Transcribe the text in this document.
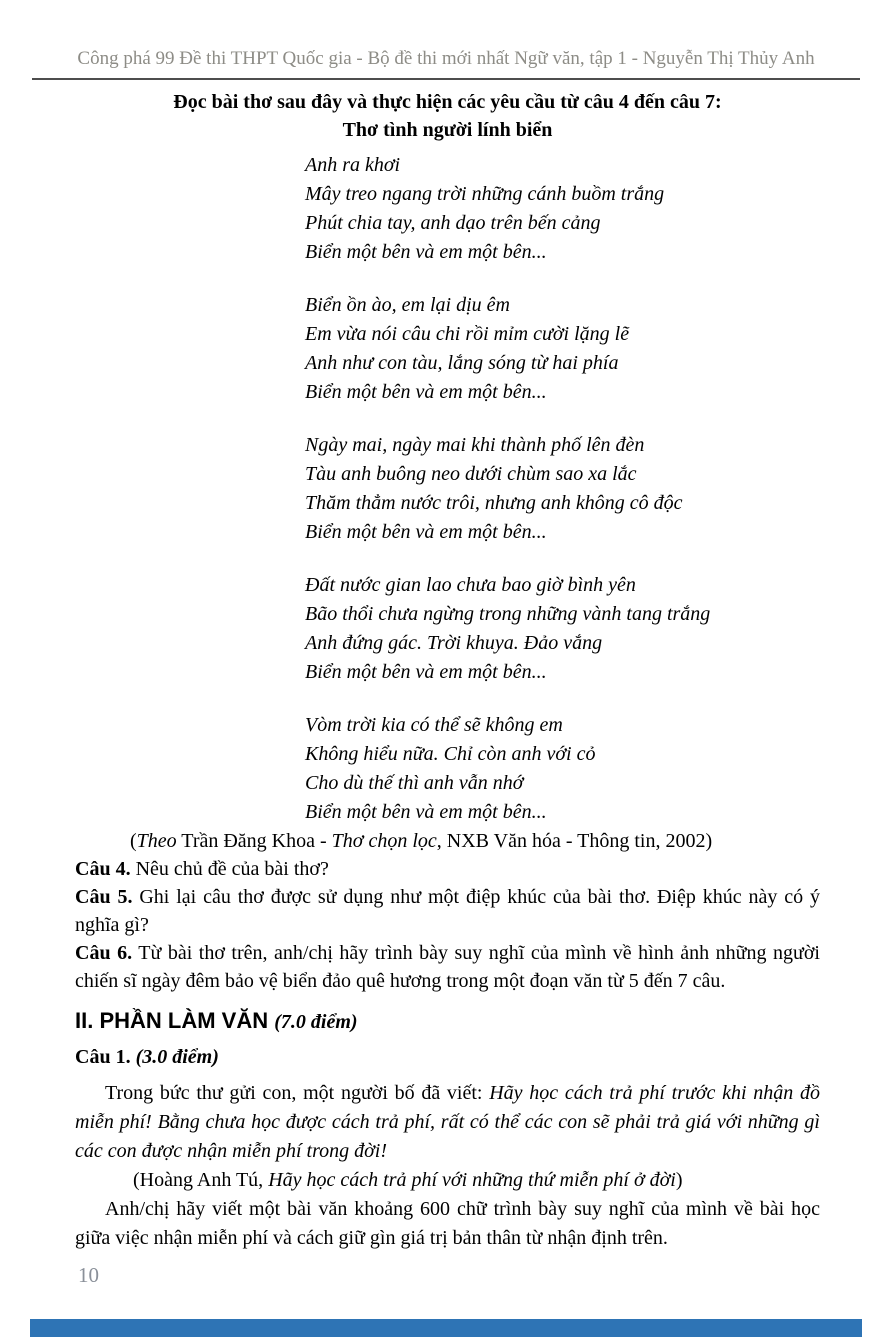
Công phá 99 Đề thi THPT Quốc gia - Bộ đề thi mới nhất Ngữ văn, tập 1 - Nguyễn Thị Thủy Anh
Đọc bài thơ sau đây và thực hiện các yêu cầu từ câu 4 đến câu 7:
Thơ tình người lính biển
Anh ra khơi
Mây treo ngang trời những cánh buồm trắng
Phút chia tay, anh dạo trên bến cảng
Biển một bên và em một bên...
Biển ồn ào, em lại dịu êm
Em vừa nói câu chi rồi mỉm cười lặng lẽ
Anh như con tàu, lắng sóng từ hai phía
Biển một bên và em một bên...
Ngày mai, ngày mai khi thành phố lên đèn
Tàu anh buông neo dưới chùm sao xa lắc
Thăm thẳm nước trôi, nhưng anh không cô độc
Biển một bên và em một bên...
Đất nước gian lao chưa bao giờ bình yên
Bão thổi chưa ngừng trong những vành tang trắng
Anh đứng gác. Trời khuya. Đảo vắng
Biển một bên và em một bên...
Vòm trời kia có thể sẽ không em
Không hiểu nữa. Chỉ còn anh với cỏ
Cho dù thế thì anh vẫn nhớ
Biển một bên và em một bên...
(Theo Trần Đăng Khoa - Thơ chọn lọc, NXB Văn hóa - Thông tin, 2002)
Câu 4. Nêu chủ đề của bài thơ?
Câu 5. Ghi lại câu thơ được sử dụng như một điệp khúc của bài thơ. Điệp khúc này có ý nghĩa gì?
Câu 6. Từ bài thơ trên, anh/chị hãy trình bày suy nghĩ của mình về hình ảnh những người chiến sĩ ngày đêm bảo vệ biển đảo quê hương trong một đoạn văn từ 5 đến 7 câu.
II. PHẦN LÀM VĂN (7.0 điểm)
Câu 1. (3.0 điểm)
Trong bức thư gửi con, một người bố đã viết: Hãy học cách trả phí trước khi nhận đồ miễn phí! Bằng chưa học được cách trả phí, rất có thể các con sẽ phải trả giá với những gì các con được nhận miễn phí trong đời!
(Hoàng Anh Tú, Hãy học cách trả phí với những thứ miễn phí ở đời)
Anh/chị hãy viết một bài văn khoảng 600 chữ trình bày suy nghĩ của mình về bài học giữa việc nhận miễn phí và cách giữ gìn giá trị bản thân từ nhận định trên.
10
